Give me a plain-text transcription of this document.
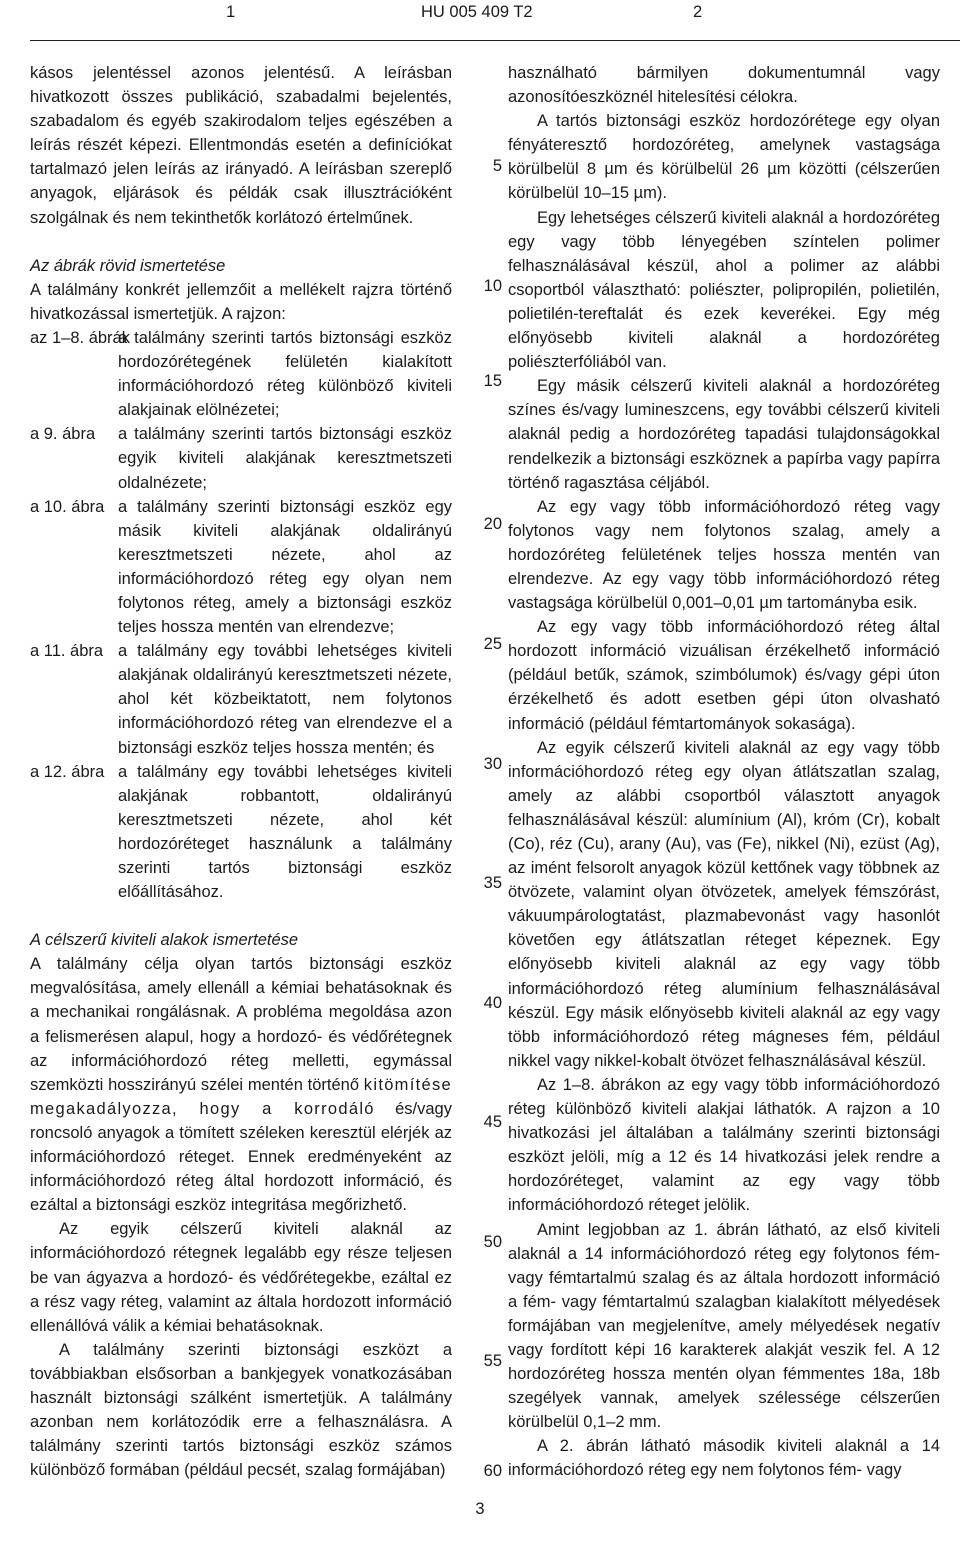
1	HU 005 409 T2	2

kásos jelentéssel azonos jelentésű. A leírásban hivatkozott összes publikáció, szabadalmi bejelentés, szabadalom és egyéb szakirodalom teljes egészében a leírás részét képezi. Ellentmondás esetén a definíciókat tartalmazó jelen leírás az irányadó. A leírásban szereplő anyagok, eljárások és példák csak illusztrációként szolgálnak és nem tekinthetők korlátozó értelműnek.

Az ábrák rövid ismertetése

A találmány konkrét jellemzőit a mellékelt rajzra történő hivatkozással ismertetjük. A rajzon:

az 1–8. ábrák
a találmány szerinti tartós biztonsági eszköz hordozórétegének felületén kialakított információhordozó réteg különböző kiviteli alakjainak elölnézetei;
a 9. ábra	a találmány szerinti tartós biztonsági eszköz egyik kiviteli alakjának keresztmetszeti oldalnézete;
a 10. ábra a találmány szerinti biztonsági eszköz egy másik kiviteli alakjának oldalirányú keresztmetszeti nézete, ahol az információhordozó réteg egy olyan nem folytonos réteg, amely a biztonsági eszköz teljes hossza mentén van elrendezve;
a 11. ábra a találmány egy további lehetséges kiviteli alakjának oldalirányú keresztmetszeti nézete, ahol két közbeiktatott, nem folytonos információhordozó réteg van elrendezve el a biztonsági eszköz teljes hossza mentén; és
a 12. ábra a találmány egy további lehetséges kiviteli alakjának robbantott, oldalirányú keresztmetszeti nézete, ahol két hordozóréteget használunk a találmány szerinti tartós biztonsági eszköz előállításához.

A célszerű kiviteli alakok ismertetése

A találmány célja olyan tartós biztonsági eszköz megvalósítása, amely ellenáll a kémiai behatásoknak és a mechanikai rongálásnak. A probléma megoldása azon a felismerésen alapul, hogy a hordozó- és védőrétegnek az információhordozó réteg melletti, egymással szemközti hosszirányú szélei mentén történő kitömítése megakadályozza, hogy a korrodáló és/vagy roncsoló anyagok a tömített széleken keresztül elérjék az információhordozó réteget. Ennek eredményeként az információhordozó réteg által hordozott információ, és ezáltal a biztonsági eszköz integritása megőrizhető.

Az egyik célszerű kiviteli alaknál az információhordozó rétegnek legalább egy része teljesen be van ágyazva a hordozó- és védőrétegekbe, ezáltal ez a rész vagy réteg, valamint az általa hordozott információ ellenállóvá válik a kémiai behatásoknak.

A találmány szerinti biztonsági eszközt a továbbiakban elsősorban a bankjegyek vonatkozásában használt biztonsági szálként ismertetjük. A találmány azonban nem korlátozódik erre a felhasználásra. A találmány szerinti tartós biztonsági eszköz számos különböző formában (például pecsét, szalag formájában)

5
10
15
20
25
30
35
40
45
50
55
60

használható bármilyen dokumentumnál vagy azonosítóeszköznél hitelesítési célokra.

A tartós biztonsági eszköz hordozórétege egy olyan fényáteresztő hordozóréteg, amelynek vastagsága körülbelül 8 µm és körülbelül 26 µm közötti (célszerűen körülbelül 10–15 µm).

Egy lehetséges célszerű kiviteli alaknál a hordozóréteg egy vagy több lényegében színtelen polimer felhasználásával készül, ahol a polimer az alábbi csoportból választható: poliészter, polipropilén, polietilén, polietilén-tereftalát és ezek keverékei. Egy még előnyösebb kiviteli alaknál a hordozóréteg poliészterfóliából van.

Egy másik célszerű kiviteli alaknál a hordozóréteg színes és/vagy lumineszcens, egy további célszerű kiviteli alaknál pedig a hordozóréteg tapadási tulajdonságokkal rendelkezik a biztonsági eszköznek a papírba vagy papírra történő ragasztása céljából.

Az egy vagy több információhordozó réteg vagy folytonos vagy nem folytonos szalag, amely a hordozóréteg felületének teljes hossza mentén van elrendezve. Az egy vagy több információhordozó réteg vastagsága körülbelül 0,001–0,01 µm tartományba esik.

Az egy vagy több információhordozó réteg által hordozott információ vizuálisan érzékelhető információ (például betűk, számok, szimbólumok) és/vagy gépi úton érzékelhető és adott esetben gépi úton olvasható információ (például fémtartományok sokasága).

Az egyik célszerű kiviteli alaknál az egy vagy több információhordozó réteg egy olyan átlátszatlan szalag, amely az alábbi csoportból választott anyagok felhasználásával készül: alumínium (Al), króm (Cr), kobalt (Co), réz (Cu), arany (Au), vas (Fe), nikkel (Ni), ezüst (Ag), az imént felsorolt anyagok közül kettőnek vagy többnek az ötvözete, valamint olyan ötvözetek, amelyek fémszórást, vákuumpárologtatást, plazmabevonást vagy hasonlót követően egy átlátszatlan réteget képeznek. Egy előnyösebb kiviteli alaknál az egy vagy több információhordozó réteg alumínium felhasználásával készül. Egy másik előnyösebb kiviteli alaknál az egy vagy több információhordozó réteg mágneses fém, például nikkel vagy nikkel-kobalt ötvözet felhasználásával készül.

Az 1–8. ábrákon az egy vagy több információhordozó réteg különböző kiviteli alakjai láthatók. A rajzon a 10 hivatkozási jel általában a találmány szerinti biztonsági eszközt jelöli, míg a 12 és 14 hivatkozási jelek rendre a hordozóréteget, valamint az egy vagy több információhordozó réteget jelölik.

Amint legjobban az 1. ábrán látható, az első kiviteli alaknál a 14 információhordozó réteg egy folytonos fém- vagy fémtartalmú szalag és az általa hordozott információ a fém- vagy fémtartalmú szalagban kialakított mélyedések formájában van megjelenítve, amely mélyedések negatív vagy fordított képi 16 karakterek alakját veszik fel. A 12 hordozóréteg hossza mentén olyan fémmentes 18a, 18b szegélyek vannak, amelyek szélessége célszerűen körülbelül 0,1–2 mm.

A 2. ábrán látható második kiviteli alaknál a 14 információhordozó réteg egy nem folytonos fém- vagy

3
